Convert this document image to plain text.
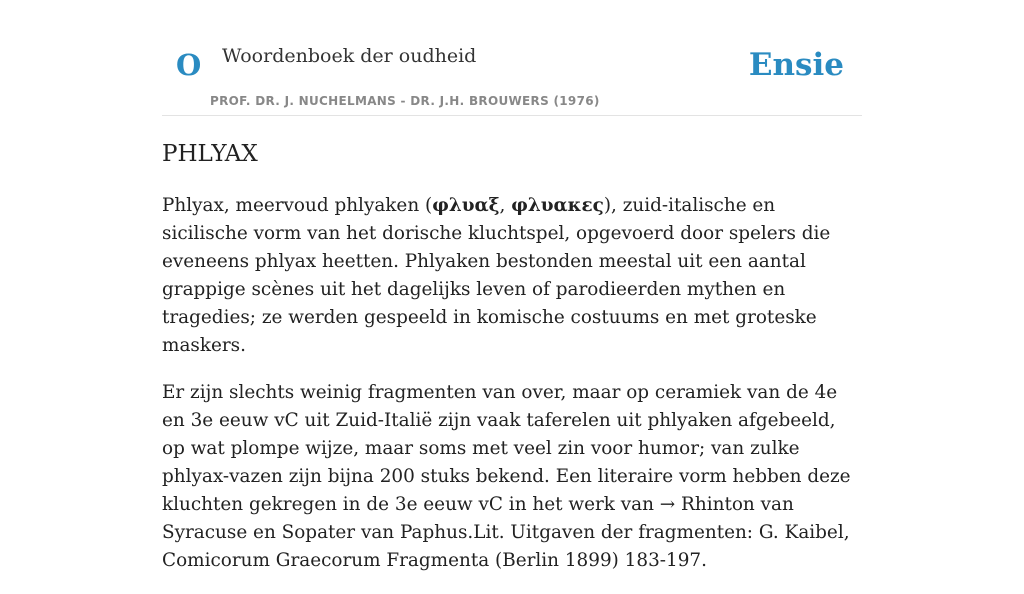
O Woordenboek der oudheid
PROF. DR. J. NUCHELMANS - DR. J.H. BROUWERS (1976)
Ensie
PHLYAX

Phlyax, meervoud phlyaken (φλυαξ, φλυακες), zuid-italische en sicilische vorm van het dorische kluchtspel, opgevoerd door spelers die eveneens phlyax heetten. Phlyaken bestonden meestal uit een aantal grappige scènes uit het dagelijks leven of parodieerden mythen en tragedies; ze werden gespeeld in komische costuums en met groteske maskers.

Er zijn slechts weinig fragmenten van over, maar op ceramiek van de 4e en 3e eeuw vC uit Zuid-Italië zijn vaak taferelen uit phlyaken afgebeeld, op wat plompe wijze, maar soms met veel zin voor humor; van zulke phlyax-vazen zijn bijna 200 stuks bekend. Een literaire vorm hebben deze kluchten gekregen in de 3e eeuw vC in het werk van → Rhinton van Syracuse en Sopater van Paphus.Lit. Uitgaven der fragmenten: G. Kaibel, Comicorum Graecorum Fragmenta (Berlin 1899) 183-197.
